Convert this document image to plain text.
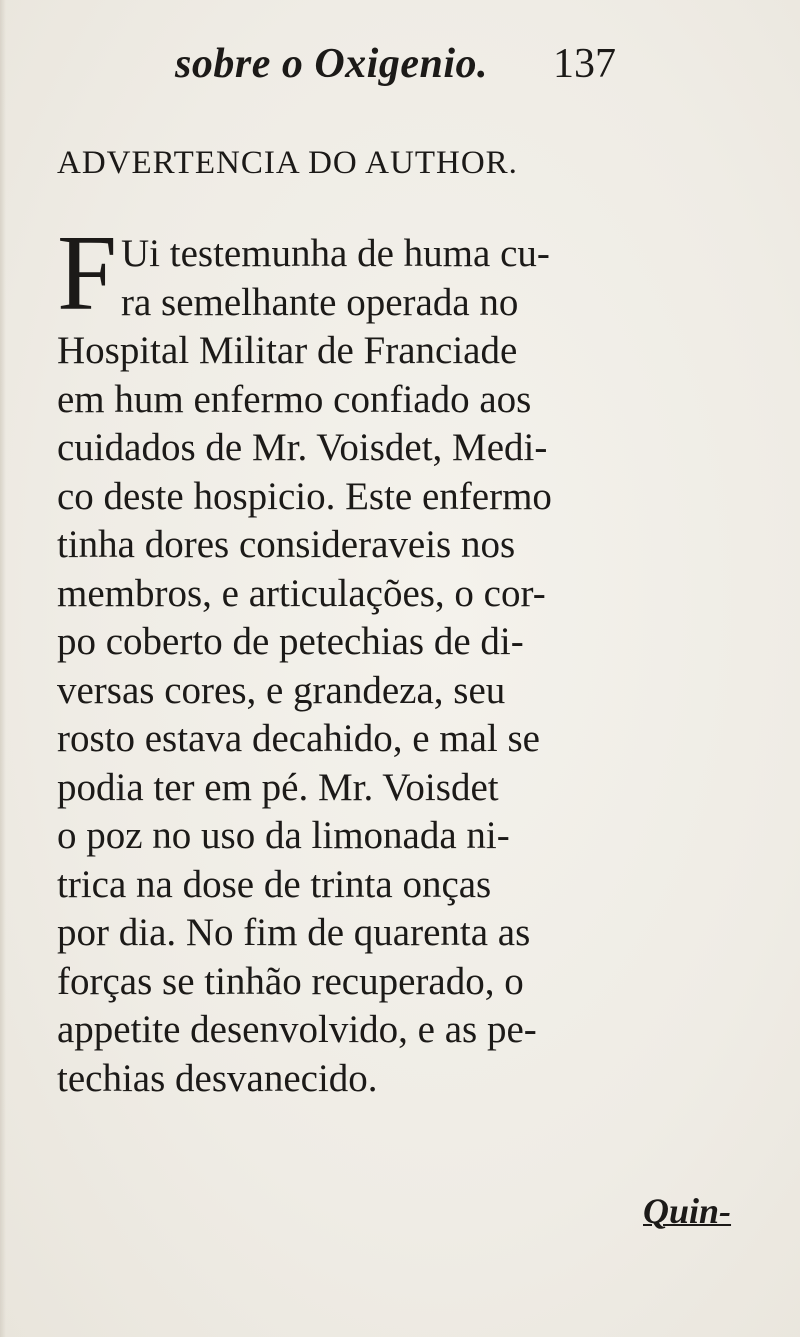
sobre o Oxigenio. 137
ADVERTENCIA DO AUTHOR.
F Ui testemunha de huma cu-
ra semelhante operada no
Hospital Militar de Franciade
em hum enfermo confiado aos
cuidados de Mr. Voisdet, Medi-
co deste hospicio. Este enfermo
tinha dores consideraveis nos
membros, e articulações, o cor-
po coberto de petechias de di-
versas cores, e grandeza, seu
rosto estava decahido, e mal se
podia ter em pé. Mr. Voisdet
o poz no uso da limonada ni-
trica na dose de trinta onças
por dia. No fim de quarenta as
forças se tinhão recuperado, o
appetite desenvolvido, e as pe-
techias desvanecido.
Quin-
